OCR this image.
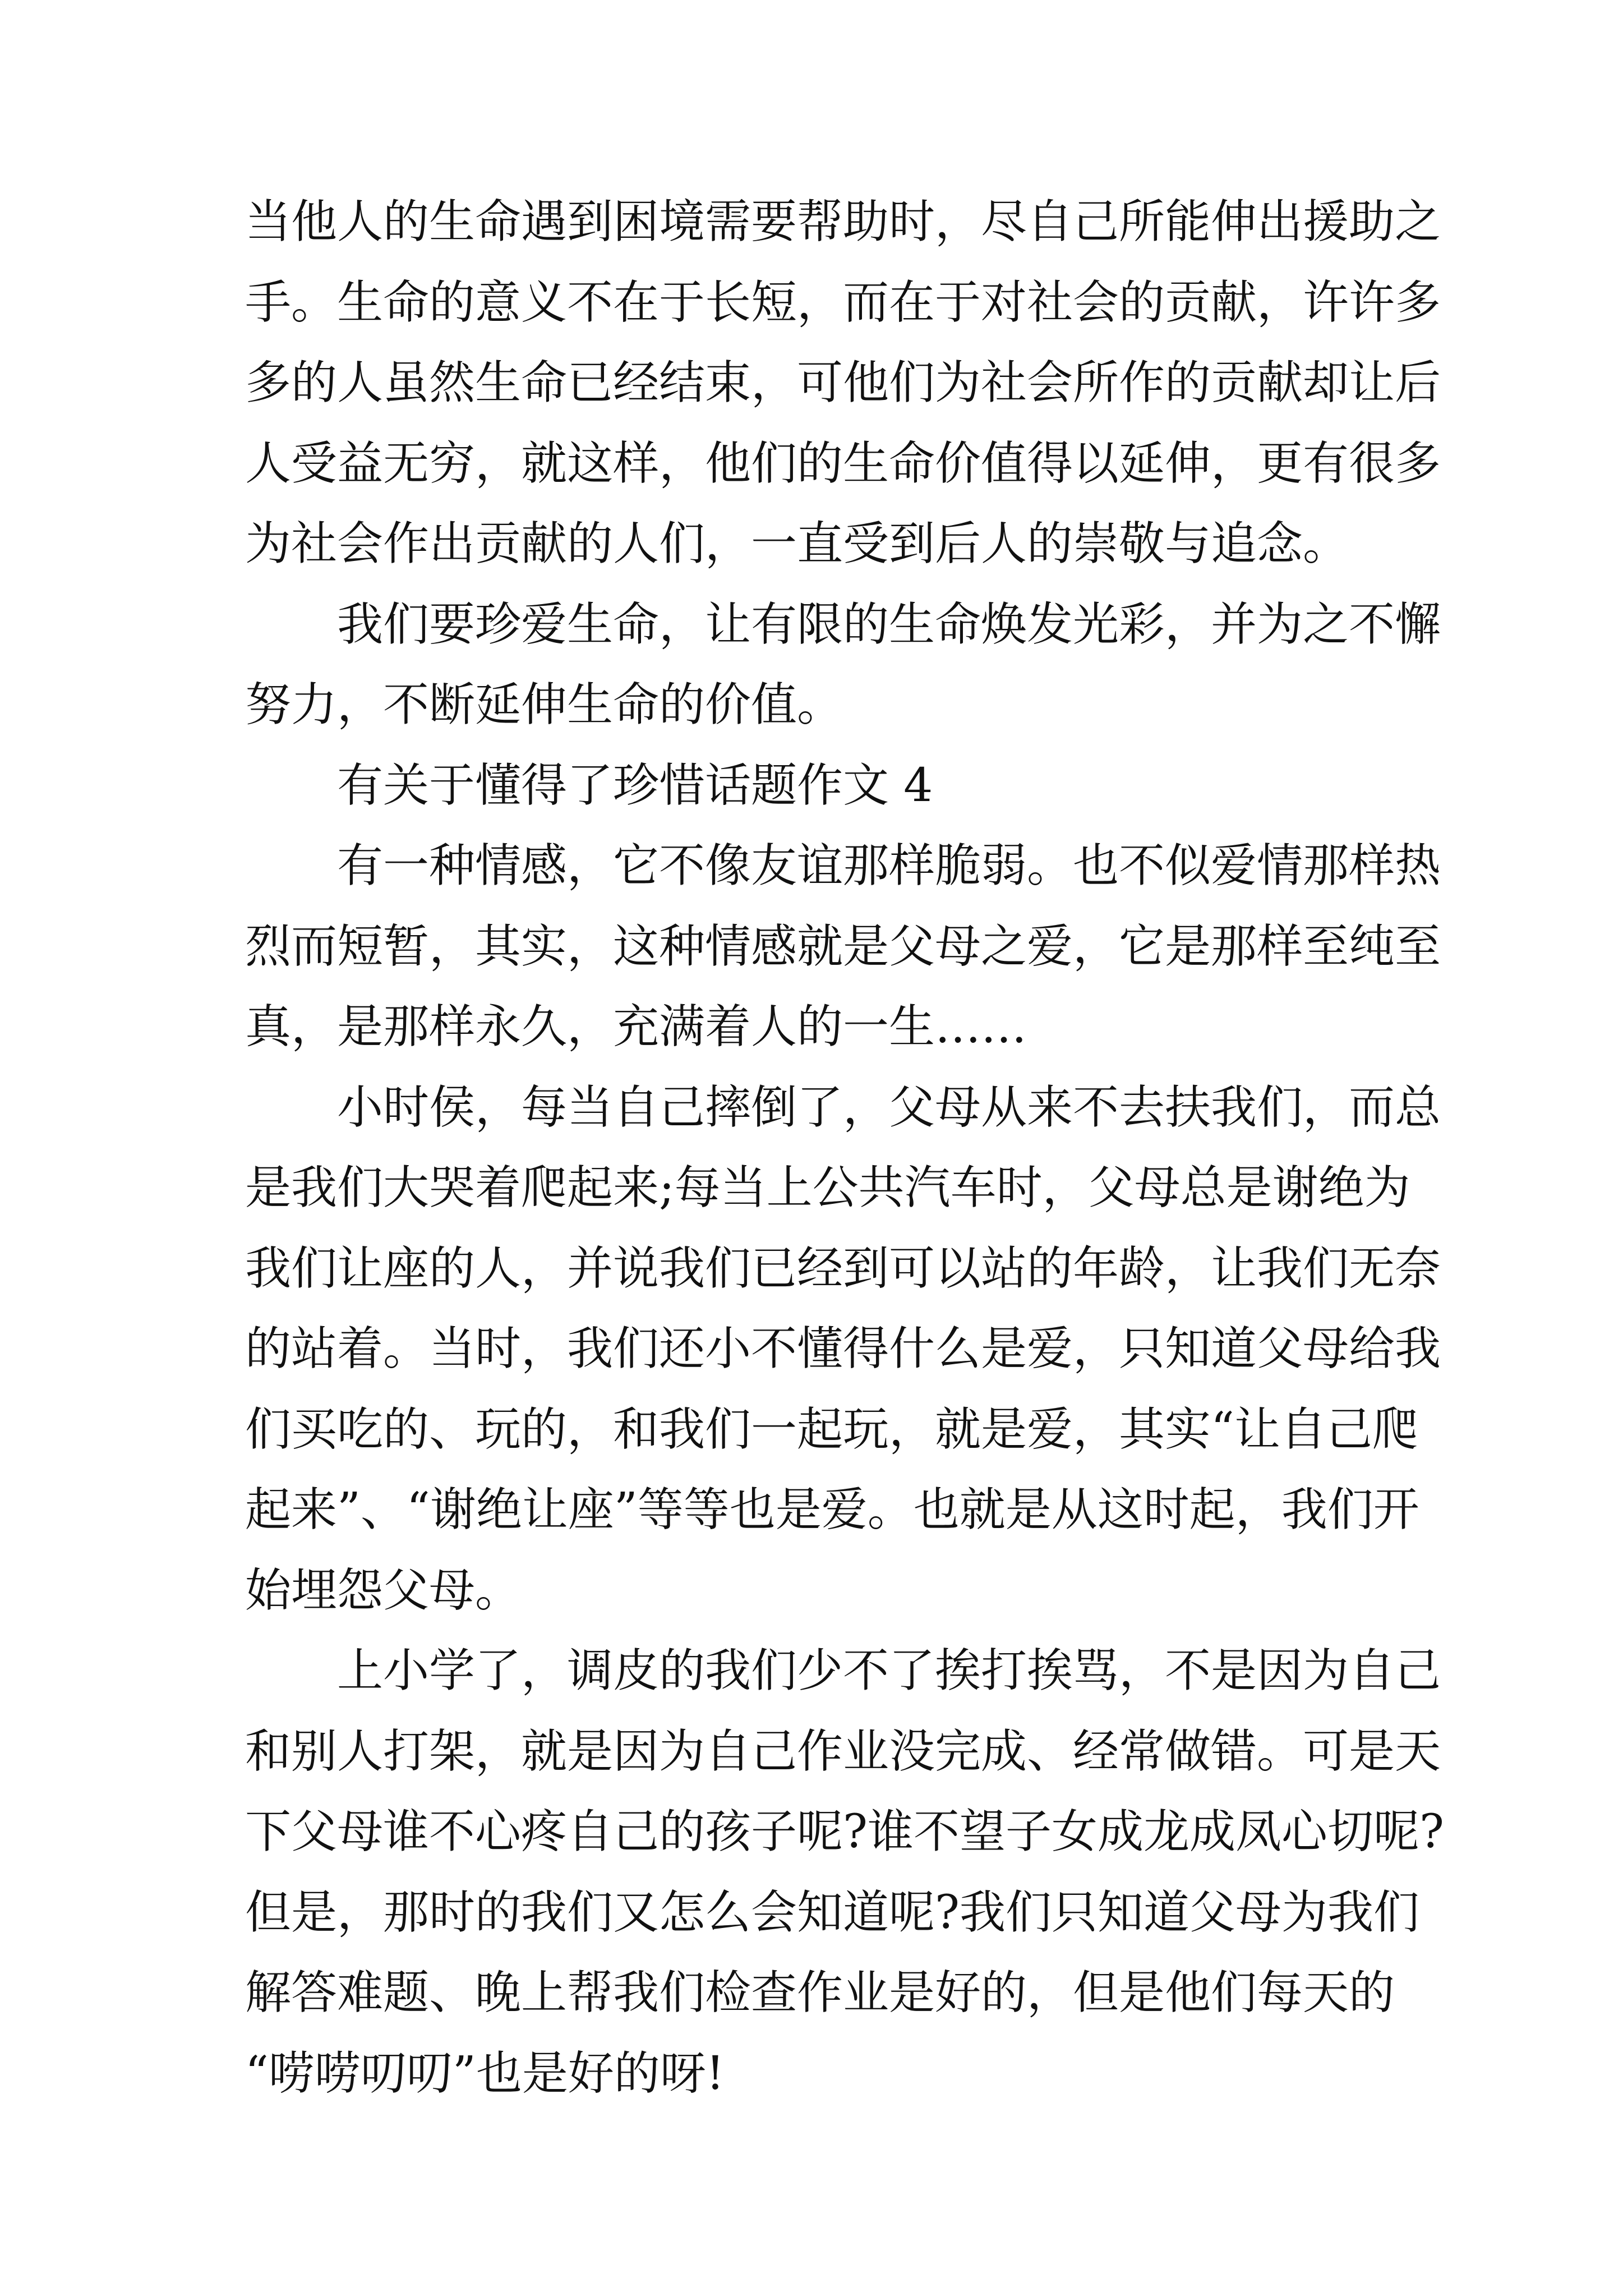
当他人的生命遇到困境需要帮助时，尽自己所能伸出援助之
手。生命的意义不在于长短，而在于对社会的贡献，许许多
多的人虽然生命已经结束，可他们为社会所作的贡献却让后
人受益无穷，就这样，他们的生命价值得以延伸，更有很多
为社会作出贡献的人们，一直受到后人的崇敬与追念。
　　我们要珍爱生命，让有限的生命焕发光彩，并为之不懈
努力，不断延伸生命的价值。
　　有关于懂得了珍惜话题作文 4
　　有一种情感，它不像友谊那样脆弱。也不似爱情那样热
烈而短暂，其实，这种情感就是父母之爱，它是那样至纯至
真，是那样永久，充满着人的一生……
　　小时侯，每当自己摔倒了，父母从来不去扶我们，而总
是我们大哭着爬起来;每当上公共汽车时，父母总是谢绝为
我们让座的人，并说我们已经到可以站的年龄，让我们无奈
的站着。当时，我们还小不懂得什么是爱，只知道父母给我
们买吃的、玩的，和我们一起玩，就是爱，其实“让自己爬
起来”、“谢绝让座”等等也是爱。也就是从这时起，我们开
始埋怨父母。
　　上小学了，调皮的我们少不了挨打挨骂，不是因为自己
和别人打架，就是因为自己作业没完成、经常做错。可是天
下父母谁不心疼自己的孩子呢?谁不望子女成龙成凤心切呢?
但是，那时的我们又怎么会知道呢?我们只知道父母为我们
解答难题、晚上帮我们检查作业是好的，但是他们每天的
“唠唠叨叨”也是好的呀!
